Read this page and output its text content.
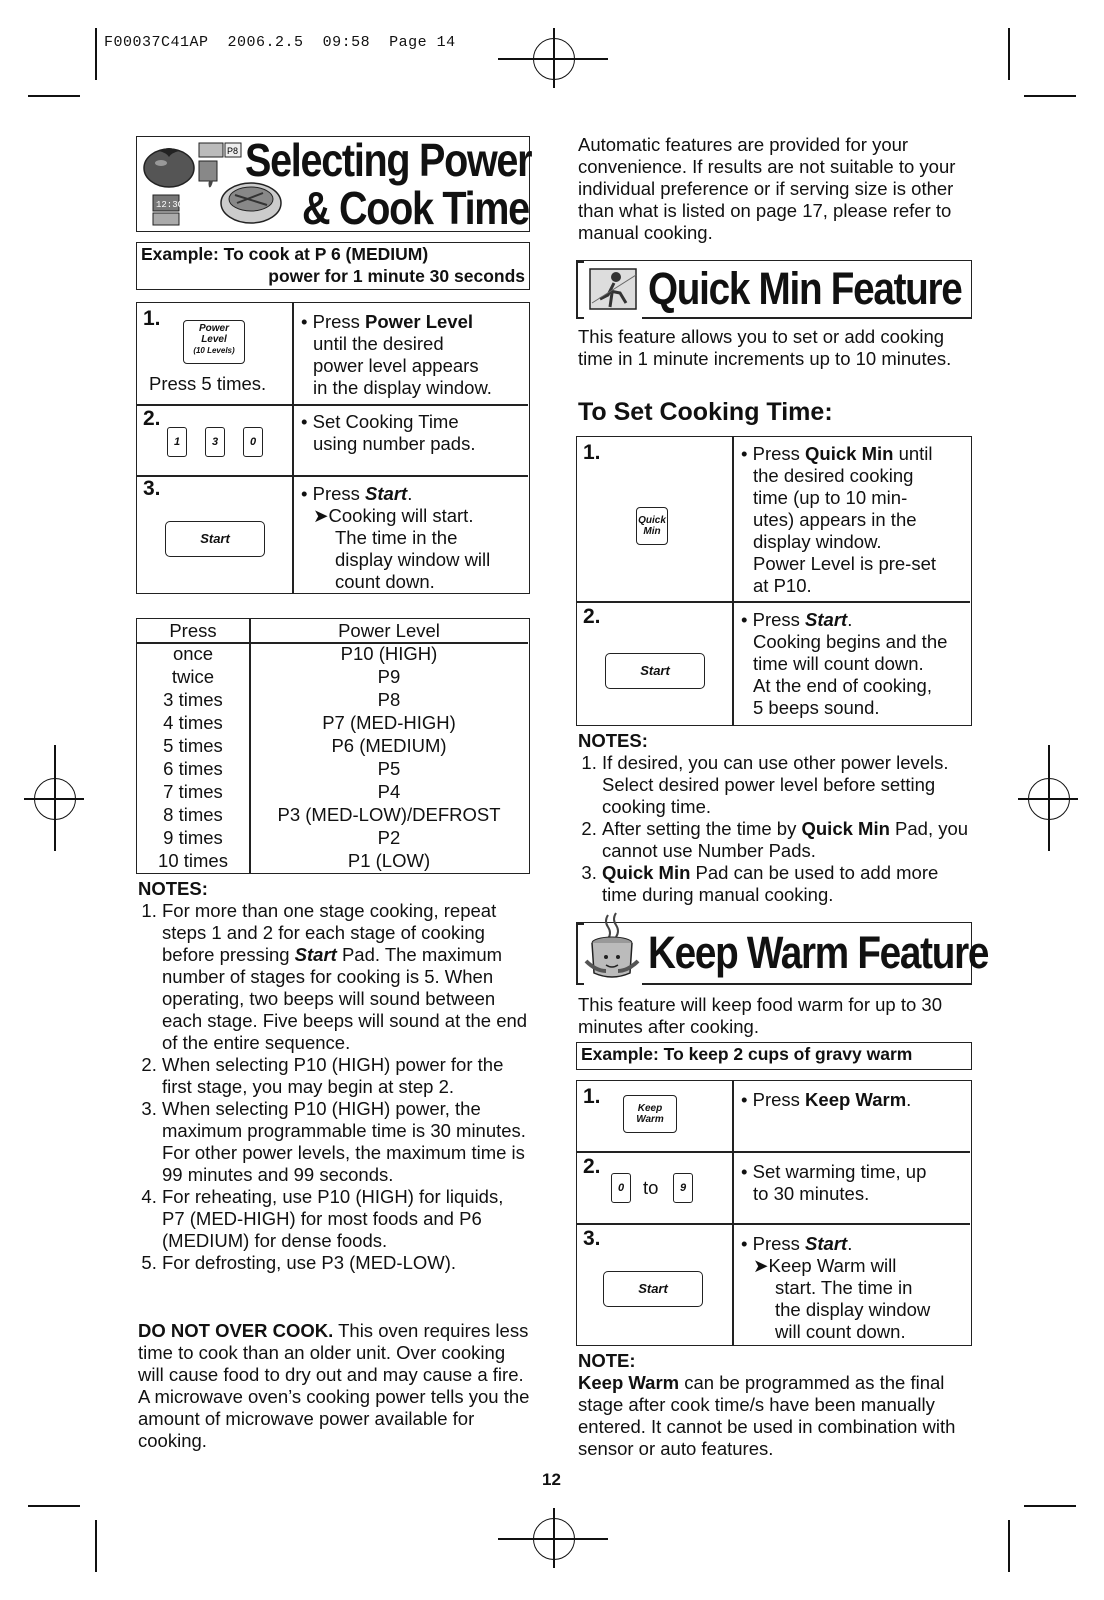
F00037C41AP 2006.2.5 09:58 Page 14
P8
12:30
Selecting Power
& Cook Time
Example: To cook at P 6 (MEDIUM)
power for 1 minute 30 seconds
1.	Power
Level
(10 Levels)
Press 5 times.
• Press Power Level
until the desired
power level appears
in the display window.
2.
1	3	0
• Set Cooking Time
using number pads.
3.
Start
• Press Start.
➤Cooking will start.
The time in the
display window will
count down.
Press	Power Level
once	P10 (HIGH)
twice	P9
3 times	P8
4 times	P7 (MED-HIGH)
5 times	P6 (MEDIUM)
6 times	P5
7 times	P4
8 times	P3 (MED-LOW)/DEFROST
9 times	P2
10 times	P1 (LOW)
NOTES:
1. For more than one stage cooking, repeat steps 1 and 2 for each stage of cooking before pressing Start Pad. The maximum number of stages for cooking is 5. When operating, two beeps will sound between each stage. Five beeps will sound at the end of the entire sequence.
2. When selecting P10 (HIGH) power for the first stage, you may begin at step 2.
3. When selecting P10 (HIGH) power, the maximum programmable time is 30 minutes. For other power levels, the maximum time is 99 minutes and 99 seconds.
4. For reheating, use P10 (HIGH) for liquids, P7 (MED-HIGH) for most foods and P6 (MEDIUM) for dense foods.
5. For defrosting, use P3 (MED-LOW).
DO NOT OVER COOK. This oven requires less time to cook than an older unit. Over cooking will cause food to dry out and may cause a fire. A microwave oven’s cooking power tells you the amount of microwave power available for cooking.
Automatic features are provided for your convenience. If results are not suitable to your individual preference or if serving size is other than what is listed on page 17, please refer to manual cooking.
Quick Min Feature
This feature allows you to set or add cooking time in 1 minute increments up to 10 minutes.
To Set Cooking Time:
1.
Quick
Min
• Press Quick Min until
the desired cooking
time (up to 10 min-
utes) appears in the
display window.
Power Level is pre-set
at P10.
2.
Start
• Press Start.
Cooking begins and the
time will count down.
At the end of cooking,
5 beeps sound.
NOTES:
1. If desired, you can use other power levels. Select desired power level before setting cooking time.
2. After setting the time by Quick Min Pad, you cannot use Number Pads.
3. Quick Min Pad can be used to add more time during manual cooking.
Keep Warm Feature
This feature will keep food warm for up to 30 minutes after cooking.
Example: To keep 2 cups of gravy warm
1.
Keep
Warm
• Press Keep Warm.
2.
0	to	9
• Set warming time, up
to 30 minutes.
3.
Start
• Press Start.
➤Keep Warm will
start. The time in
the display window
will count down.
NOTE:
Keep Warm can be programmed as the final stage after cook time/s have been manually entered. It cannot be used in combination with sensor or auto features.
12
